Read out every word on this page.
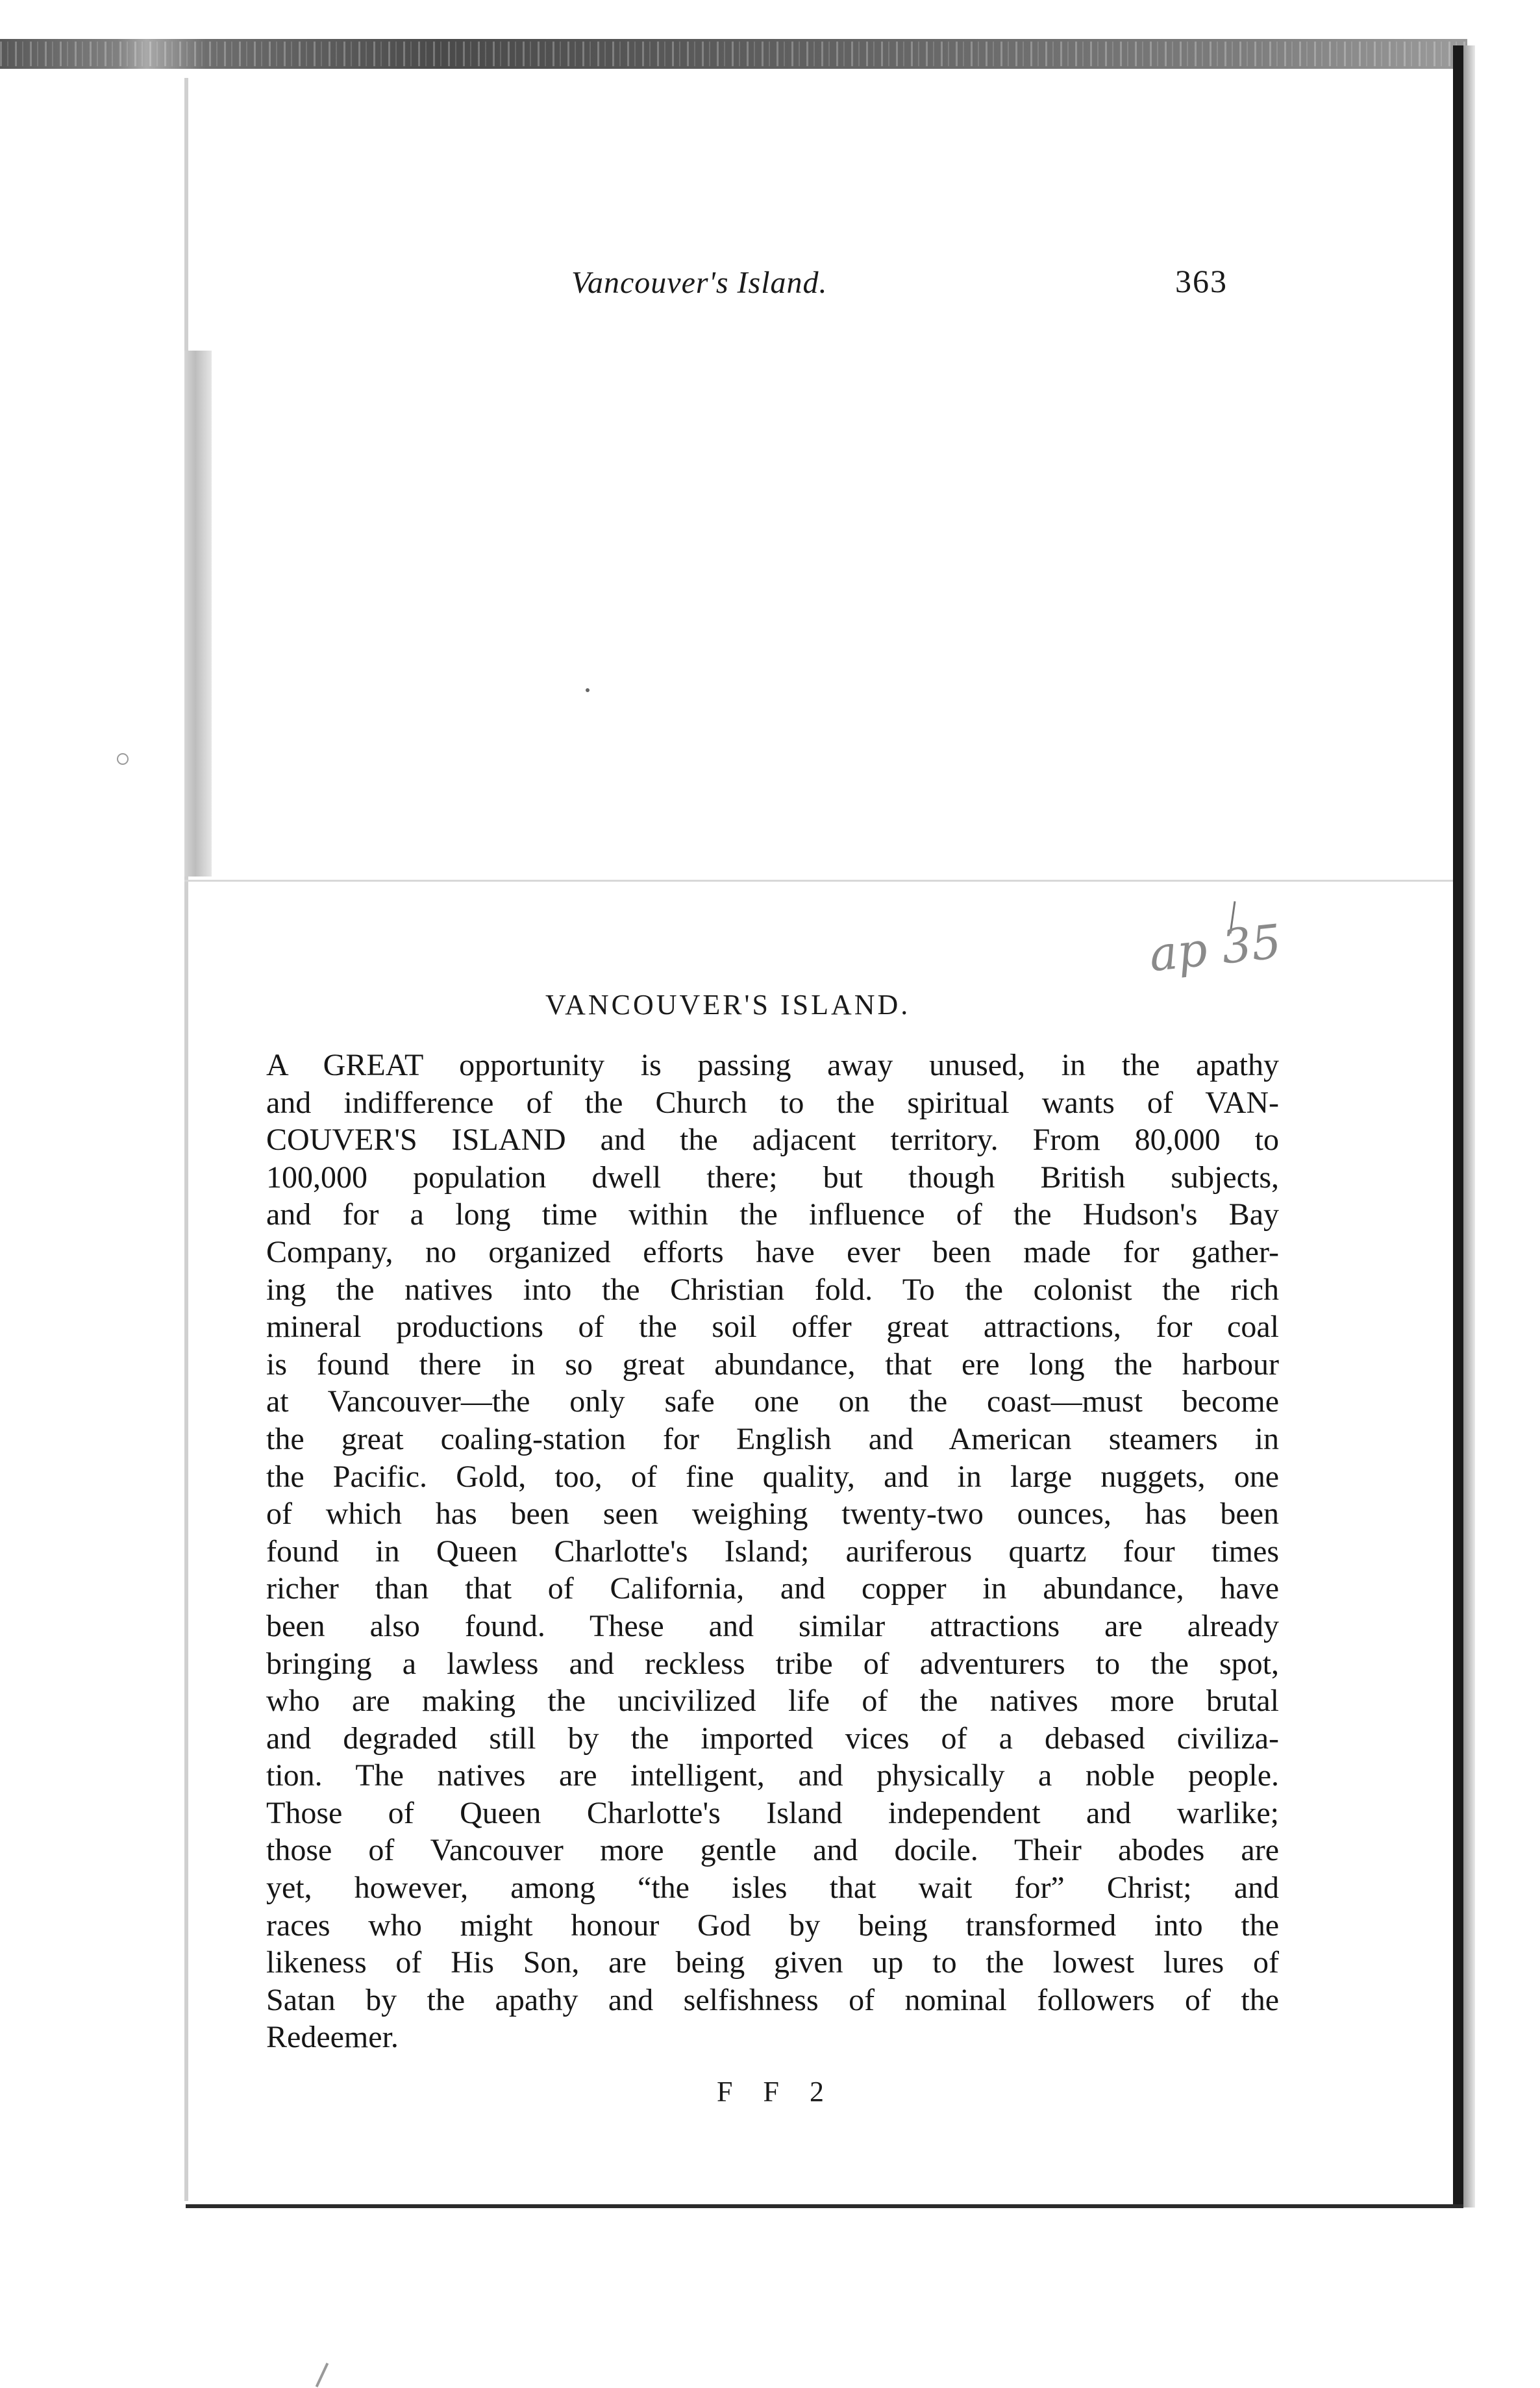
Vancouver's Island.	363
ap 35
VANCOUVER'S ISLAND.
A GREAT opportunity is passing away unused, in the apathy
and indifference of the Church to the spiritual wants of VAN-
COUVER'S ISLAND and the adjacent territory. From 80,000 to
100,000 population dwell there; but though British subjects,
and for a long time within the influence of the Hudson's Bay
Company, no organized efforts have ever been made for gather-
ing the natives into the Christian fold. To the colonist the rich
mineral productions of the soil offer great attractions, for coal
is found there in so great abundance, that ere long the harbour
at Vancouver—the only safe one on the coast—must become
the great coaling-station for English and American steamers in
the Pacific. Gold, too, of fine quality, and in large nuggets, one
of which has been seen weighing twenty-two ounces, has been
found in Queen Charlotte's Island; auriferous quartz four times
richer than that of California, and copper in abundance, have
been also found. These and similar attractions are already
bringing a lawless and reckless tribe of adventurers to the spot,
who are making the uncivilized life of the natives more brutal
and degraded still by the imported vices of a debased civiliza-
tion. The natives are intelligent, and physically a noble people.
Those of Queen Charlotte's Island independent and warlike;
those of Vancouver more gentle and docile. Their abodes are
yet, however, among “the isles that wait for” Christ; and
races who might honour God by being transformed into the
likeness of His Son, are being given up to the lowest lures of
Satan by the apathy and selfishness of nominal followers of the
Redeemer.
F F 2
